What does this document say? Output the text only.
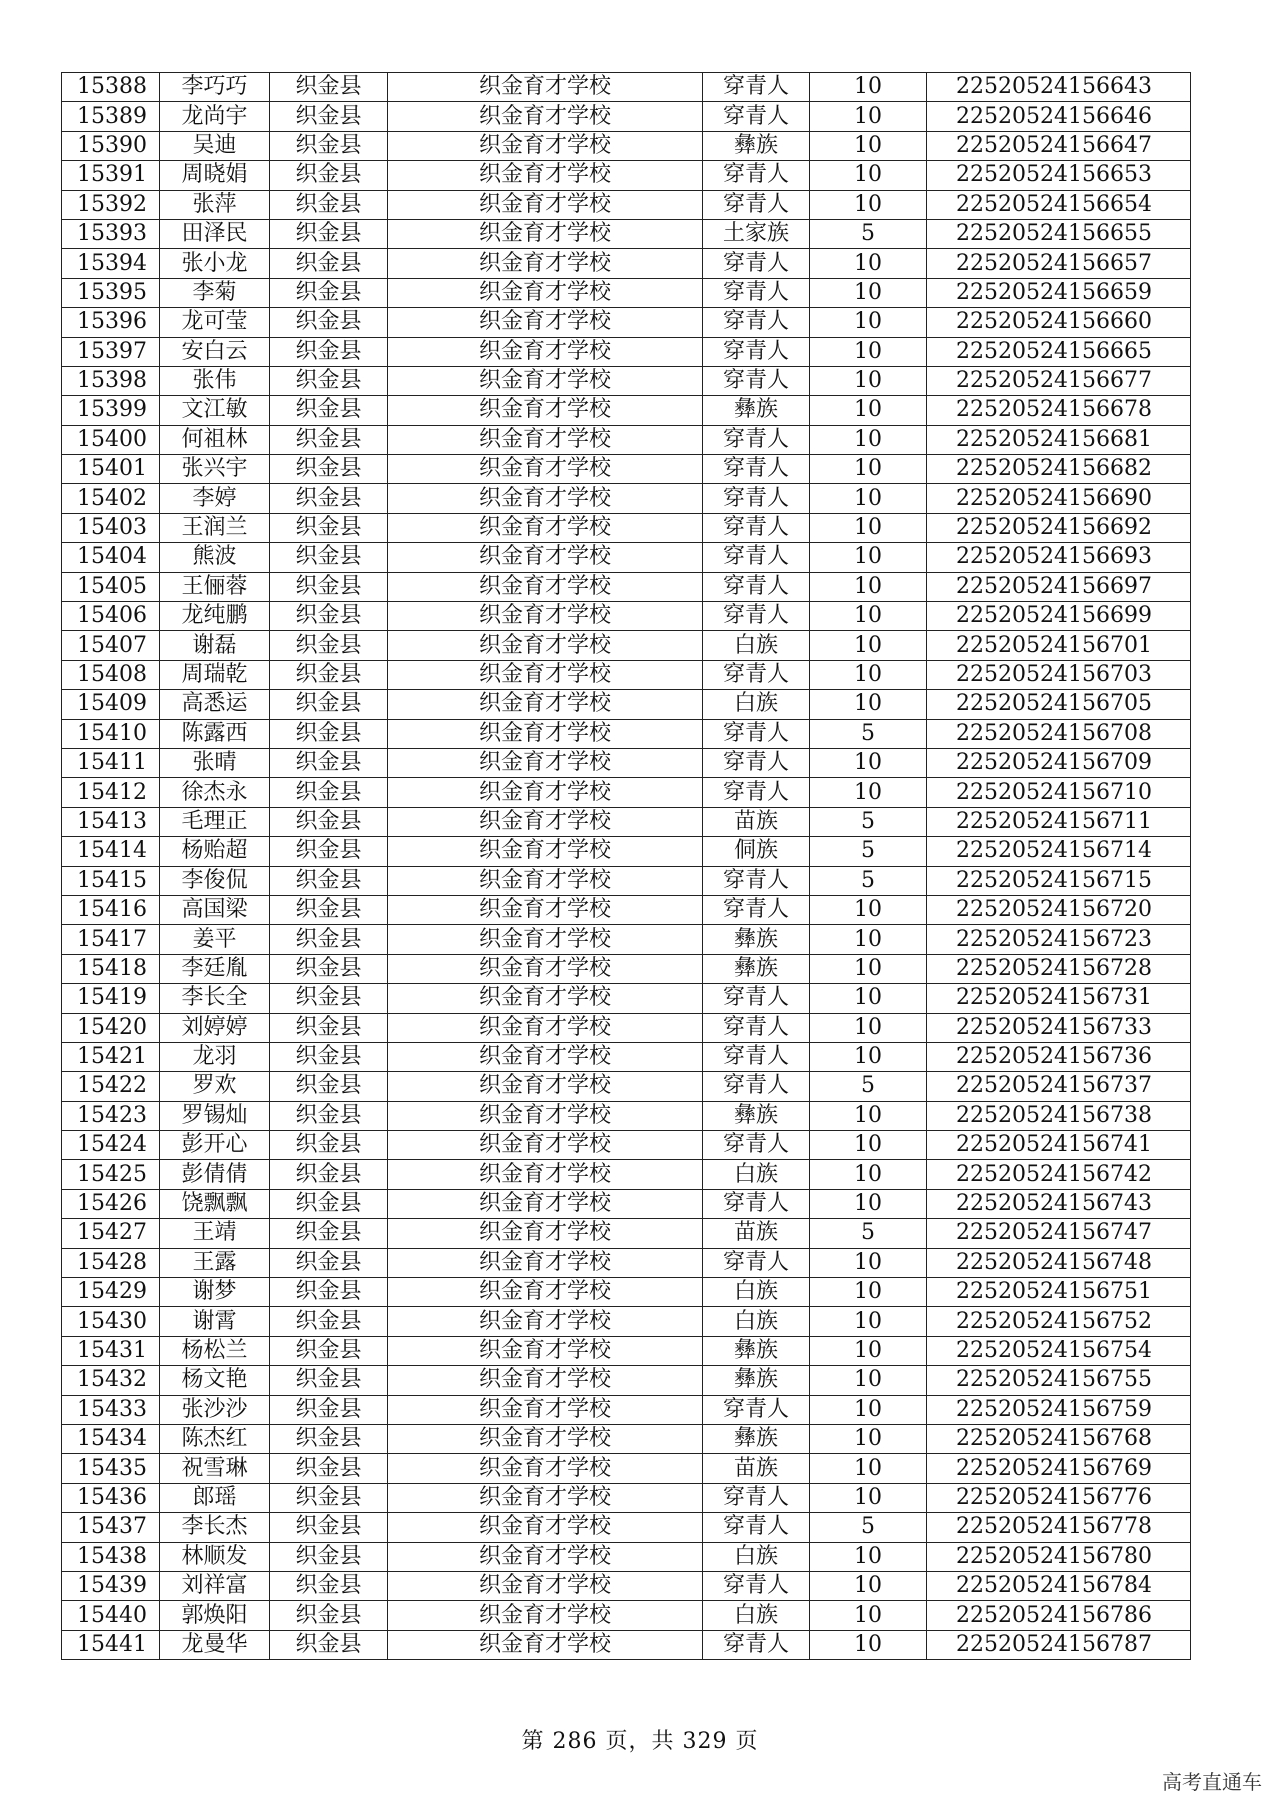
15388	李巧巧	织金县	织金育才学校	穿青人	10	22520524156643
15389	龙尚宇	织金县	织金育才学校	穿青人	10	22520524156646
15390	吴迪	织金县	织金育才学校	彝族	10	22520524156647
15391	周晓娟	织金县	织金育才学校	穿青人	10	22520524156653
15392	张萍	织金县	织金育才学校	穿青人	10	22520524156654
15393	田泽民	织金县	织金育才学校	土家族	5	22520524156655
15394	张小龙	织金县	织金育才学校	穿青人	10	22520524156657
15395	李菊	织金县	织金育才学校	穿青人	10	22520524156659
15396	龙可莹	织金县	织金育才学校	穿青人	10	22520524156660
15397	安白云	织金县	织金育才学校	穿青人	10	22520524156665
15398	张伟	织金县	织金育才学校	穿青人	10	22520524156677
15399	文江敏	织金县	织金育才学校	彝族	10	22520524156678
15400	何祖林	织金县	织金育才学校	穿青人	10	22520524156681
15401	张兴宇	织金县	织金育才学校	穿青人	10	22520524156682
15402	李婷	织金县	织金育才学校	穿青人	10	22520524156690
15403	王润兰	织金县	织金育才学校	穿青人	10	22520524156692
15404	熊波	织金县	织金育才学校	穿青人	10	22520524156693
15405	王俪蓉	织金县	织金育才学校	穿青人	10	22520524156697
15406	龙纯鹏	织金县	织金育才学校	穿青人	10	22520524156699
15407	谢磊	织金县	织金育才学校	白族	10	22520524156701
15408	周瑞乾	织金县	织金育才学校	穿青人	10	22520524156703
15409	高悉运	织金县	织金育才学校	白族	10	22520524156705
15410	陈露西	织金县	织金育才学校	穿青人	5	22520524156708
15411	张晴	织金县	织金育才学校	穿青人	10	22520524156709
15412	徐杰永	织金县	织金育才学校	穿青人	10	22520524156710
15413	毛理正	织金县	织金育才学校	苗族	5	22520524156711
15414	杨贻超	织金县	织金育才学校	侗族	5	22520524156714
15415	李俊侃	织金县	织金育才学校	穿青人	5	22520524156715
15416	高国梁	织金县	织金育才学校	穿青人	10	22520524156720
15417	姜平	织金县	织金育才学校	彝族	10	22520524156723
15418	李廷胤	织金县	织金育才学校	彝族	10	22520524156728
15419	李长全	织金县	织金育才学校	穿青人	10	22520524156731
15420	刘婷婷	织金县	织金育才学校	穿青人	10	22520524156733
15421	龙羽	织金县	织金育才学校	穿青人	10	22520524156736
15422	罗欢	织金县	织金育才学校	穿青人	5	22520524156737
15423	罗锡灿	织金县	织金育才学校	彝族	10	22520524156738
15424	彭开心	织金县	织金育才学校	穿青人	10	22520524156741
15425	彭倩倩	织金县	织金育才学校	白族	10	22520524156742
15426	饶飘飘	织金县	织金育才学校	穿青人	10	22520524156743
15427	王靖	织金县	织金育才学校	苗族	5	22520524156747
15428	王露	织金县	织金育才学校	穿青人	10	22520524156748
15429	谢梦	织金县	织金育才学校	白族	10	22520524156751
15430	谢霄	织金县	织金育才学校	白族	10	22520524156752
15431	杨松兰	织金县	织金育才学校	彝族	10	22520524156754
15432	杨文艳	织金县	织金育才学校	彝族	10	22520524156755
15433	张沙沙	织金县	织金育才学校	穿青人	10	22520524156759
15434	陈杰红	织金县	织金育才学校	彝族	10	22520524156768
15435	祝雪琳	织金县	织金育才学校	苗族	10	22520524156769
15436	郎瑶	织金县	织金育才学校	穿青人	10	22520524156776
15437	李长杰	织金县	织金育才学校	穿青人	5	22520524156778
15438	林顺发	织金县	织金育才学校	白族	10	22520524156780
15439	刘祥富	织金县	织金育才学校	穿青人	10	22520524156784
15440	郭焕阳	织金县	织金育才学校	白族	10	22520524156786
15441	龙曼华	织金县	织金育才学校	穿青人	10	22520524156787
第 286 页，共 329 页
高考直通车
